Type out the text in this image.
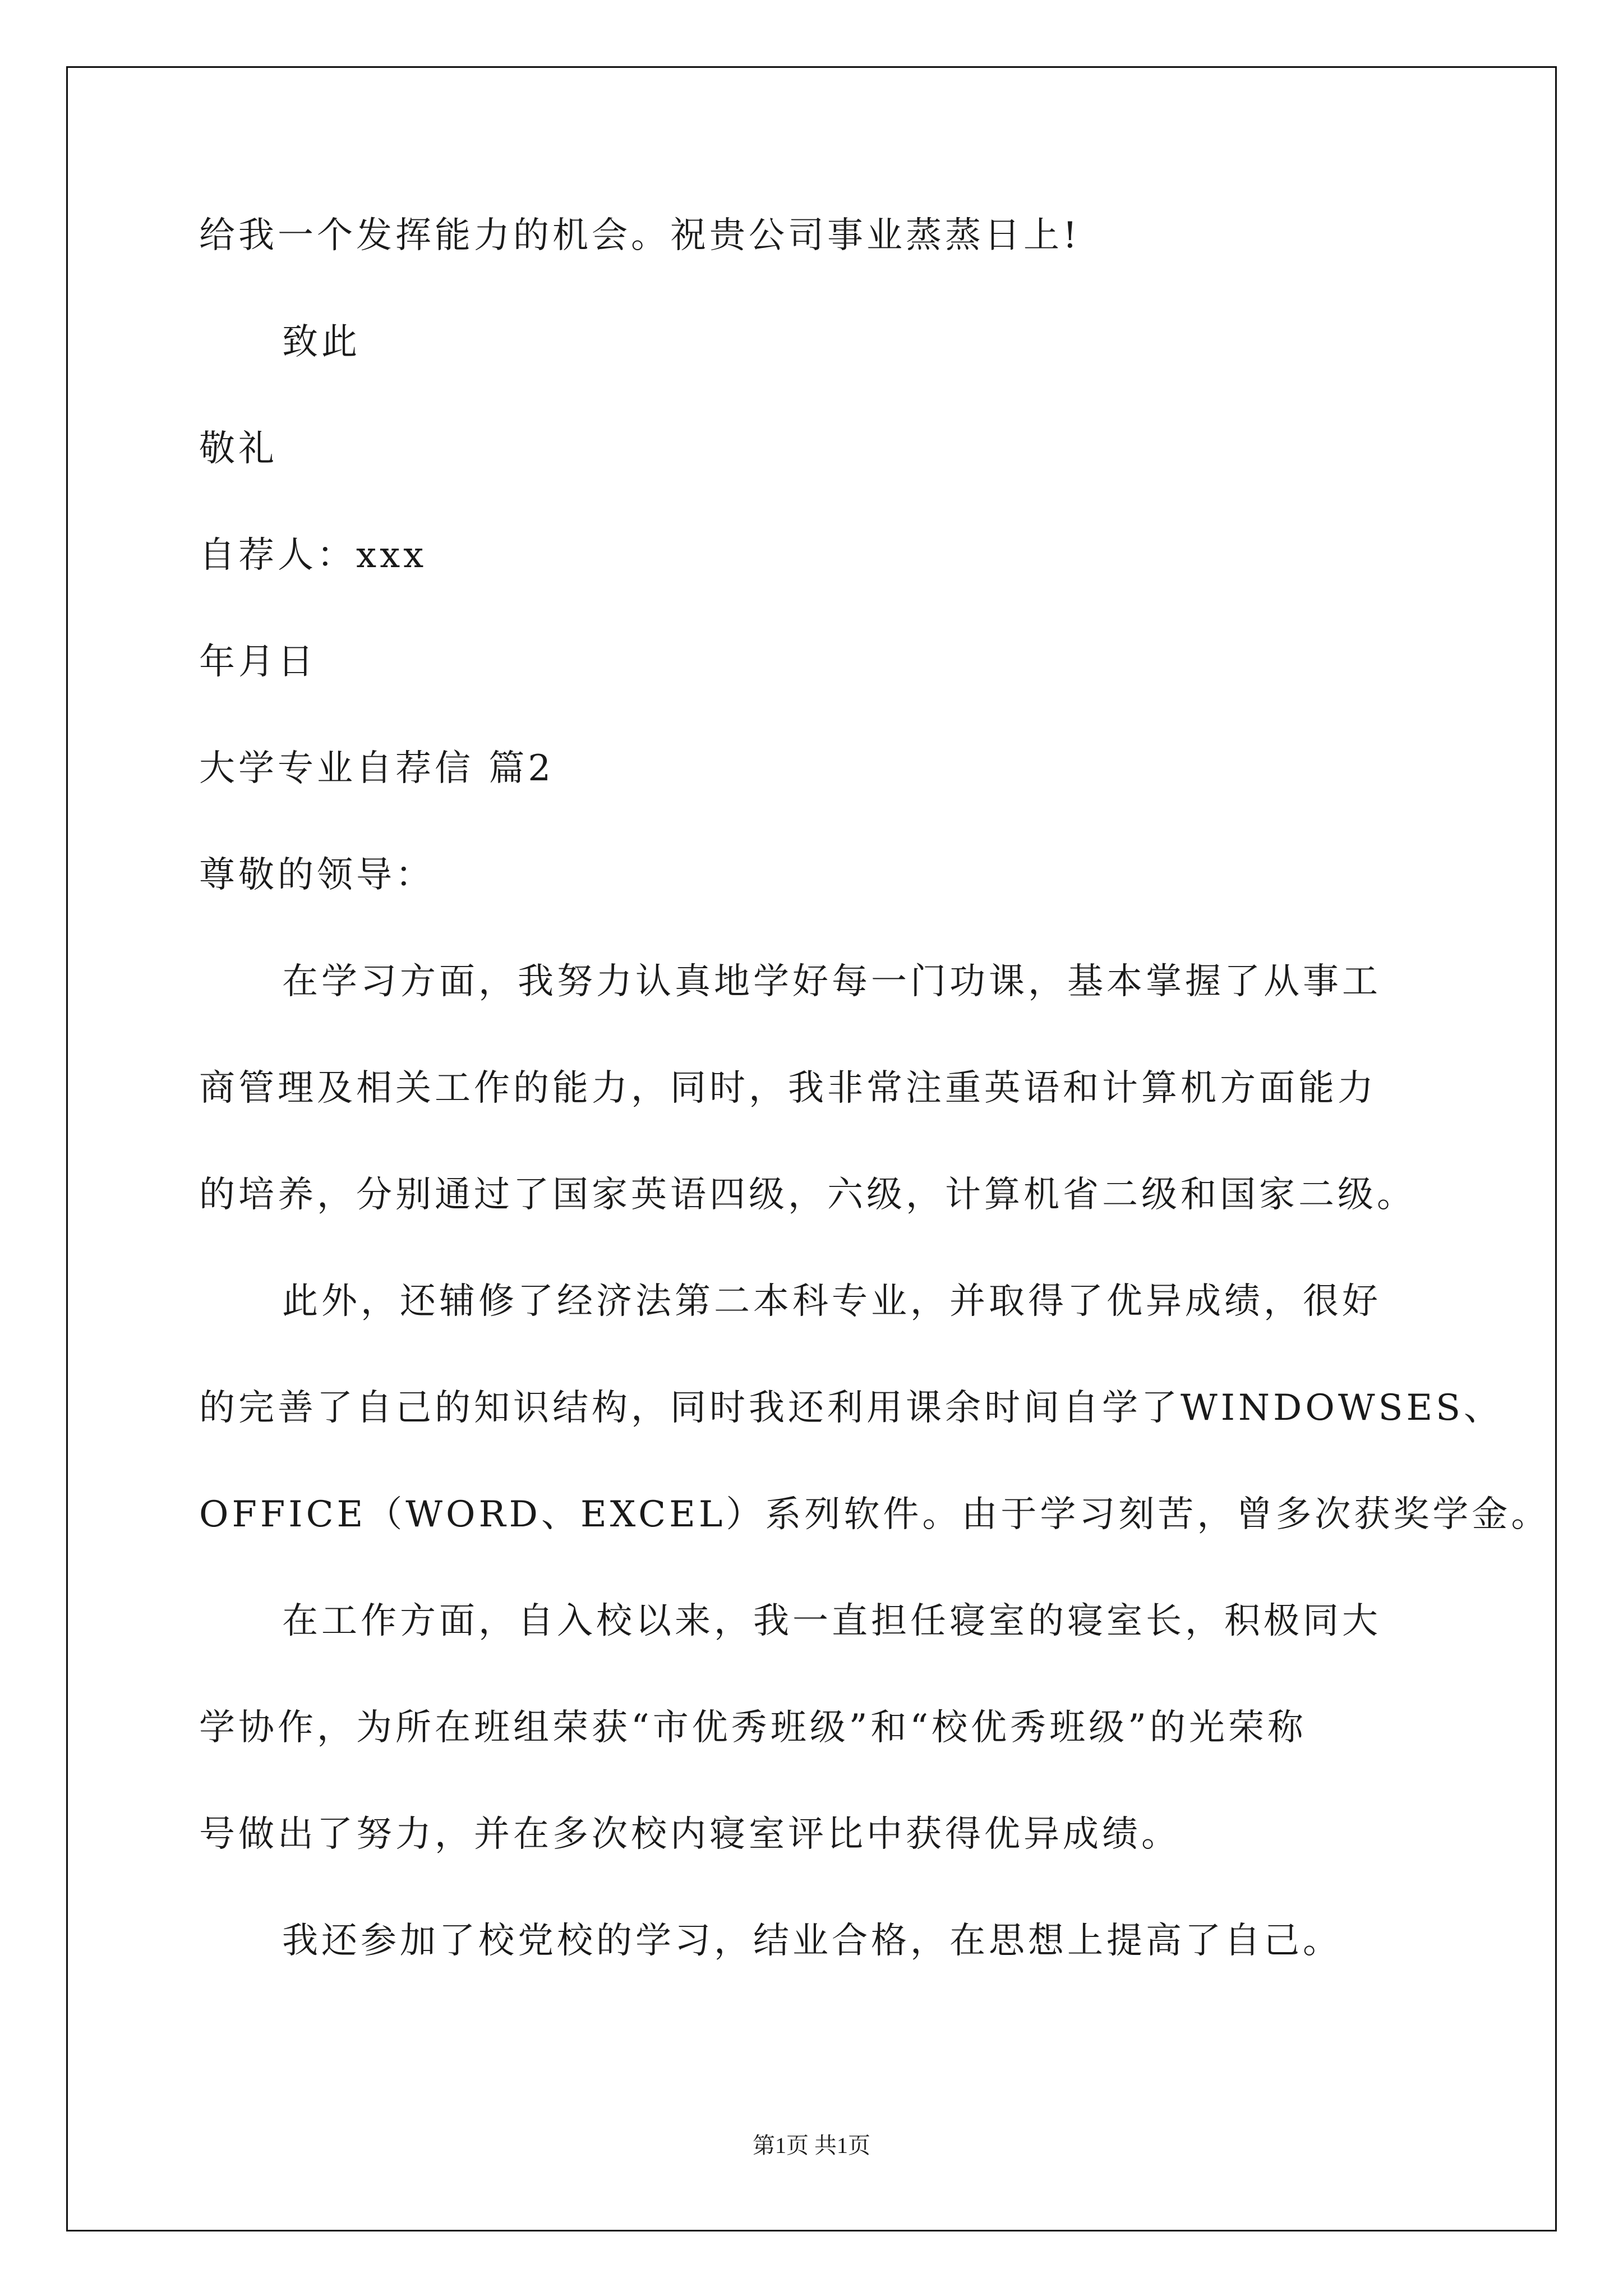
给我一个发挥能力的机会。祝贵公司事业蒸蒸日上!
致此
敬礼
自荐人：xxx
年月日
大学专业自荐信 篇2
尊敬的领导：
在学习方面，我努力认真地学好每一门功课，基本掌握了从事工
商管理及相关工作的能力，同时，我非常注重英语和计算机方面能力
的培养，分别通过了国家英语四级，六级，计算机省二级和国家二级。
此外，还辅修了经济法第二本科专业，并取得了优异成绩，很好
的完善了自己的知识结构，同时我还利用课余时间自学了WINDOWSES、
OFFICE（WORD、EXCEL）系列软件。由于学习刻苦，曾多次获奖学金。
在工作方面，自入校以来，我一直担任寝室的寝室长，积极同大
学协作，为所在班组荣获“市优秀班级”和“校优秀班级”的光荣称
号做出了努力，并在多次校内寝室评比中获得优异成绩。
我还参加了校党校的学习，结业合格，在思想上提高了自己。
第1页 共1页
